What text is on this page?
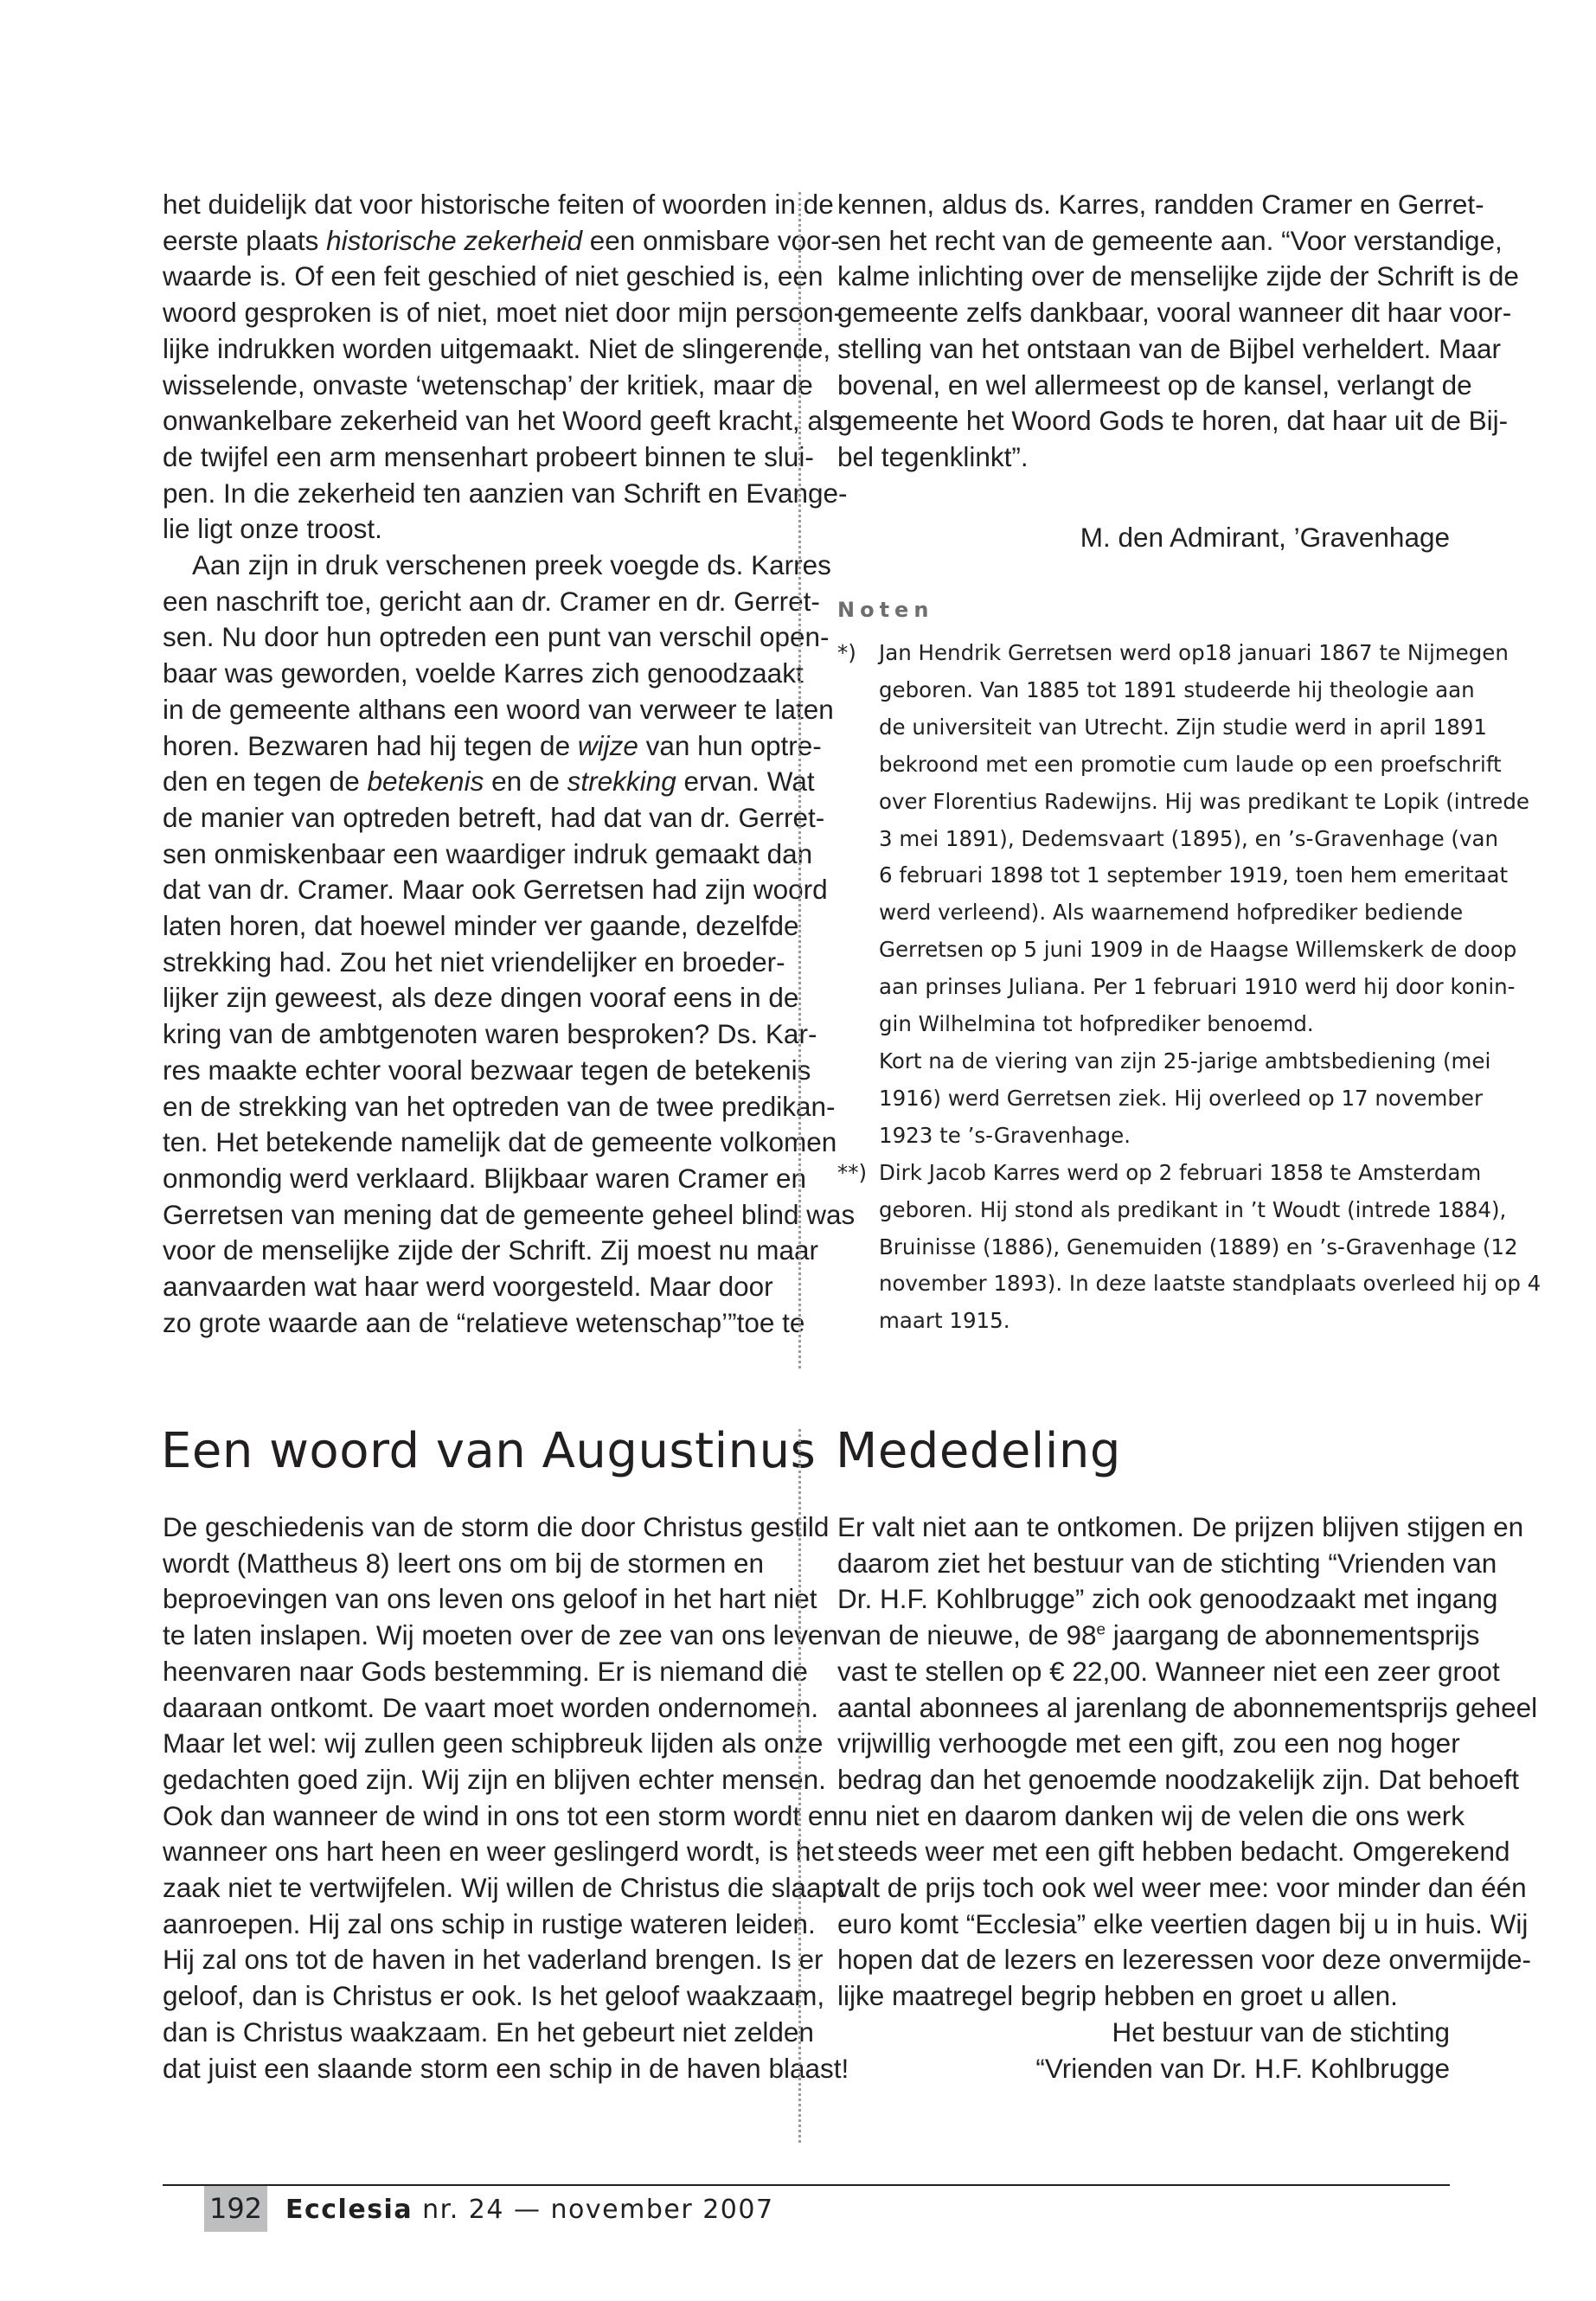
het duidelijk dat voor historische feiten of woorden in de
eerste plaats historische zekerheid een onmisbare voor-
waarde is. Of een feit geschied of niet geschied is, een
woord gesproken is of niet, moet niet door mijn persoon-
lijke indrukken worden uitgemaakt. Niet de slingerende,
wisselende, onvaste ‘wetenschap’ der kritiek, maar de
onwankelbare zekerheid van het Woord geeft kracht, als
de twijfel een arm mensenhart probeert binnen te slui-
pen. In die zekerheid ten aanzien van Schrift en Evange-
lie ligt onze troost.
Aan zijn in druk verschenen preek voegde ds. Karres
een naschrift toe, gericht aan dr. Cramer en dr. Gerret-
sen. Nu door hun optreden een punt van verschil open-
baar was geworden, voelde Karres zich genoodzaakt
in de gemeente althans een woord van verweer te laten
horen. Bezwaren had hij tegen de wijze van hun optre-
den en tegen de betekenis en de strekking ervan. Wat
de manier van optreden betreft, had dat van dr. Gerret-
sen onmiskenbaar een waardiger indruk gemaakt dan
dat van dr. Cramer. Maar ook Gerretsen had zijn woord
laten horen, dat hoewel minder ver gaande, dezelfde
strekking had. Zou het niet vriendelijker en broeder-
lijker zijn geweest, als deze dingen vooraf eens in de
kring van de ambtgenoten waren besproken? Ds. Kar-
res maakte echter vooral bezwaar tegen de betekenis
en de strekking van het optreden van de twee predikan-
ten. Het betekende namelijk dat de gemeente volkomen
onmondig werd verklaard. Blijkbaar waren Cramer en
Gerretsen van mening dat de gemeente geheel blind was
voor de menselijke zijde der Schrift. Zij moest nu maar
aanvaarden wat haar werd voorgesteld. Maar door
zo grote waarde aan de “relatieve wetenschap’”toe te
kennen, aldus ds. Karres, randden Cramer en Gerret-
sen het recht van de gemeente aan. “Voor verstandige,
kalme inlichting over de menselijke zijde der Schrift is de
gemeente zelfs dankbaar, vooral wanneer dit haar voor-
stelling van het ontstaan van de Bijbel verheldert. Maar
bovenal, en wel allermeest op de kansel, verlangt de
gemeente het Woord Gods te horen, dat haar uit de Bij-
bel tegenklinkt”.
M. den Admirant, ’Gravenhage
Noten
*) Jan Hendrik Gerretsen werd op18 januari 1867 te Nijmegen
geboren. Van 1885 tot 1891 studeerde hij theologie aan
de universiteit van Utrecht. Zijn studie werd in april 1891
bekroond met een promotie cum laude op een proefschrift
over Florentius Radewijns. Hij was predikant te Lopik (intrede
3 mei 1891), Dedemsvaart (1895), en ’s-Gravenhage (van
6 februari 1898 tot 1 september 1919, toen hem emeritaat
werd verleend). Als waarnemend hofprediker bediende
Gerretsen op 5 juni 1909 in de Haagse Willemskerk de doop
aan prinses Juliana. Per 1 februari 1910 werd hij door konin-
gin Wilhelmina tot hofprediker benoemd.
Kort na de viering van zijn 25-jarige ambtsbediening (mei
1916) werd Gerretsen ziek. Hij overleed op 17 november
1923 te ’s-Gravenhage.
**) Dirk Jacob Karres werd op 2 februari 1858 te Amsterdam
geboren. Hij stond als predikant in ’t Woudt (intrede 1884),
Bruinisse (1886), Genemuiden (1889) en ’s-Gravenhage (12
november 1893). In deze laatste standplaats overleed hij op 4
maart 1915.
Een woord van Augustinus Mededeling
De geschiedenis van de storm die door Christus gestild
wordt (Mattheus 8) leert ons om bij de stormen en
beproevingen van ons leven ons geloof in het hart niet
te laten inslapen. Wij moeten over de zee van ons leven
heenvaren naar Gods bestemming. Er is niemand die
daaraan ontkomt. De vaart moet worden ondernomen.
Maar let wel: wij zullen geen schipbreuk lijden als onze
gedachten goed zijn. Wij zijn en blijven echter mensen.
Ook dan wanneer de wind in ons tot een storm wordt en
wanneer ons hart heen en weer geslingerd wordt, is het
zaak niet te vertwijfelen. Wij willen de Christus die slaapt
aanroepen. Hij zal ons schip in rustige wateren leiden.
Hij zal ons tot de haven in het vaderland brengen. Is er
geloof, dan is Christus er ook. Is het geloof waakzaam,
dan is Christus waakzaam. En het gebeurt niet zelden
dat juist een slaande storm een schip in de haven blaast!
Er valt niet aan te ontkomen. De prijzen blijven stijgen en
daarom ziet het bestuur van de stichting “Vrienden van
Dr. H.F. Kohlbrugge” zich ook genoodzaakt met ingang
van de nieuwe, de 98e jaargang de abonnementsprijs
vast te stellen op € 22,00. Wanneer niet een zeer groot
aantal abonnees al jarenlang de abonnementsprijs geheel
vrijwillig verhoogde met een gift, zou een nog hoger
bedrag dan het genoemde noodzakelijk zijn. Dat behoeft
nu niet en daarom danken wij de velen die ons werk
steeds weer met een gift hebben bedacht. Omgerekend
valt de prijs toch ook wel weer mee: voor minder dan één
euro komt “Ecclesia” elke veertien dagen bij u in huis. Wij
hopen dat de lezers en lezeressen voor deze onvermijde-
lijke maatregel begrip hebben en groet u allen.
Het bestuur van de stichting
“Vrienden van Dr. H.F. Kohlbrugge
192 Ecclesia nr. 24 — november 2007
